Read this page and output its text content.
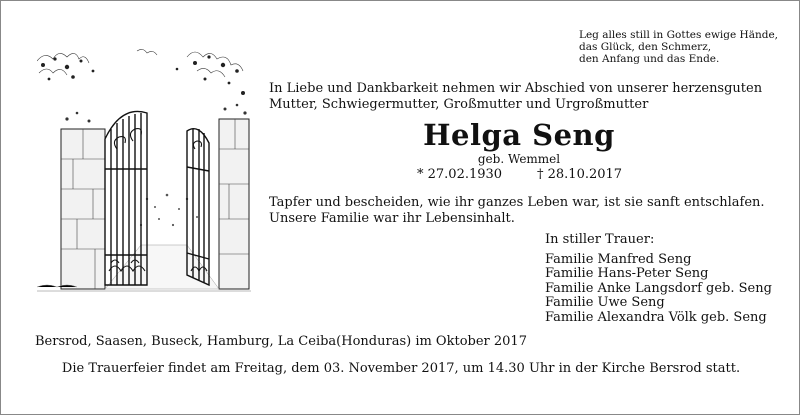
Leg alles still in Gottes ewige Hände,
das Glück, den Schmerz,
den Anfang und das Ende.

In Liebe und Dankbarkeit nehmen wir Abschied von unserer herzensguten
Mutter, Schwiegermutter, Großmutter und Urgroßmutter

Helga Seng
geb. Wemmel
* 27.02.1930	† 28.10.2017

Tapfer und bescheiden, wie ihr ganzes Leben war, ist sie sanft entschlafen.
Unsere Familie war ihr Lebensinhalt.

In stiller Trauer:
Familie Manfred Seng
Familie Hans-Peter Seng
Familie Anke Langsdorf geb. Seng
Familie Uwe Seng
Familie Alexandra Völk geb. Seng
Bersrod, Saasen, Buseck, Hamburg, La Ceiba(Honduras) im Oktober 2017
Die Trauerfeier findet am Freitag, dem 03. November 2017, um 14.30 Uhr in der Kirche Bersrod statt.
